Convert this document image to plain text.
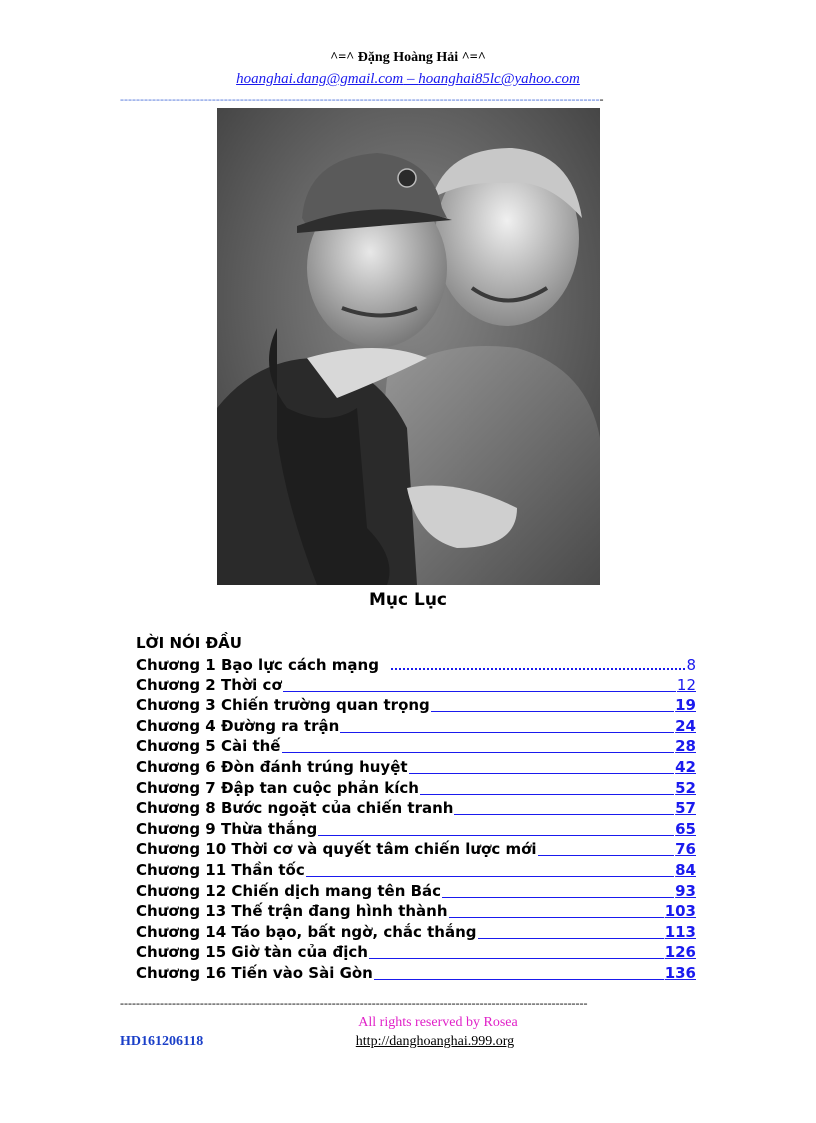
^=^ Đặng Hoàng Hải ^=^
hoanghai.dang@gmail.com – hoanghai85lc@yahoo.com
-------------------------------------------------------------------------------------------------------------------------
Mục Lục
LỜI NÓI ĐẦU
Chương 1 Bạo lực cách mạng	8
Chương 2 Thời cơ	12
Chương 3 Chiến trường quan trọng	19
Chương 4 Đường ra trận	24
Chương 5 Cài thế	28
Chương 6 Đòn đánh trúng huyệt	42
Chương 7 Đập tan cuộc phản kích	52
Chương 8 Bước ngoặt của chiến tranh	57
Chương 9 Thừa thắng	65
Chương 10 Thời cơ và quyết tâm chiến lược mới	76
Chương 11 Thần tốc	84
Chương 12 Chiến dịch mang tên Bác	93
Chương 13 Thế trận đang hình thành	103
Chương 14 Táo bạo, bất ngờ, chắc thắng	113
Chương 15 Giờ tàn của địch	126
Chương 16 Tiến vào Sài Gòn	136
---------------------------------------------------------------------------------------------------------------------
All rights reserved by Rosea
HD161206118	http://danghoanghai.999.org
